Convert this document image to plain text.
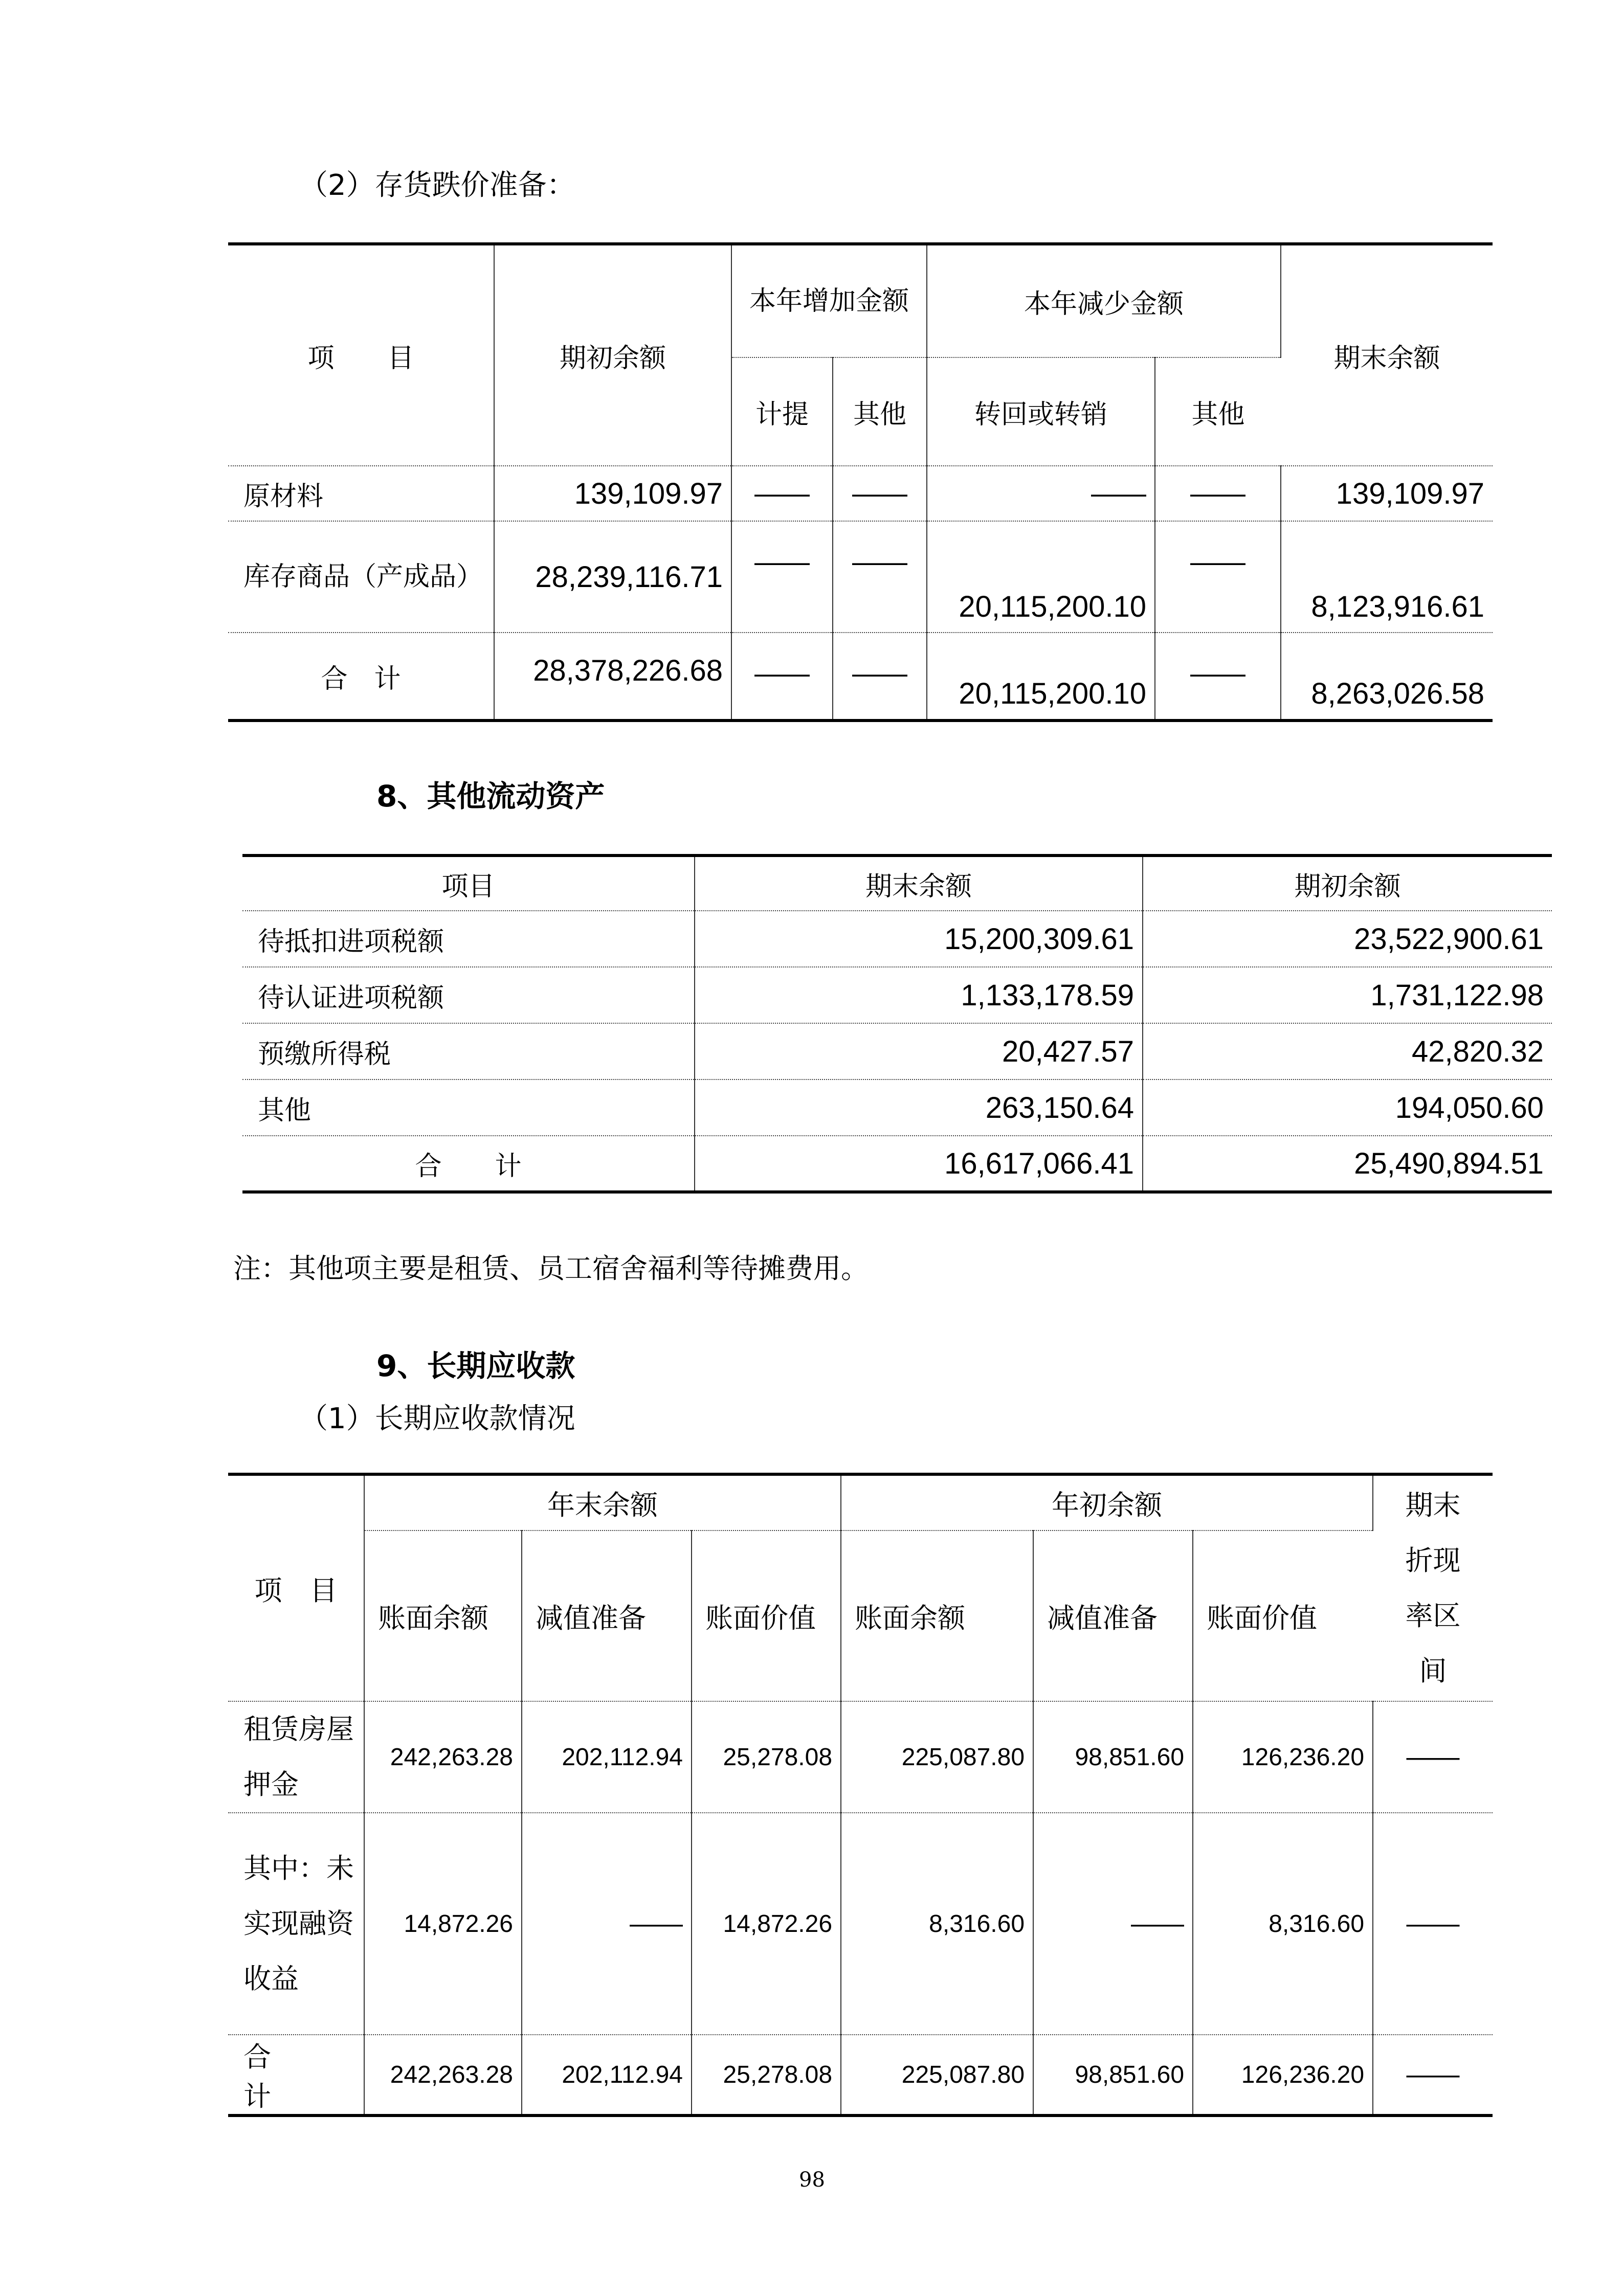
（2）存货跌价准备：

项　　目	期初余额	本年增加金额		本年减少金额		期末余额
		计提	其他	转回或转销	其他	
原材料	139,109.97	——	——	——	——	139,109.97
库存商品（产成品）	28,239,116.71	——	——	20,115,200.10	——	8,123,916.61
合　计	28,378,226.68	——	——	20,115,200.10	——	8,263,026.58

8、其他流动资产

项目	期末余额	期初余额
待抵扣进项税额	15,200,309.61	23,522,900.61
待认证进项税额	1,133,178.59	1,731,122.98
预缴所得税	20,427.57	42,820.32
其他	263,150.64	194,050.60
合　　计	16,617,066.41	25,490,894.51

注：其他项主要是租赁、员工宿舍福利等待摊费用。

9、长期应收款

（1）长期应收款情况

项　目	年末余额			年初余额			期末折现率区间
	账面余额	减值准备	账面价值	账面余额	减值准备	账面价值	
租赁房屋押金	242,263.28	202,112.94	25,278.08	225,087.80	98,851.60	126,236.20	——
其中：未实现融资收益	14,872.26	——	14,872.26	8,316.60	——	8,316.60	——
合　计	242,263.28	202,112.94	25,278.08	225,087.80	98,851.60	126,236.20	——
98
